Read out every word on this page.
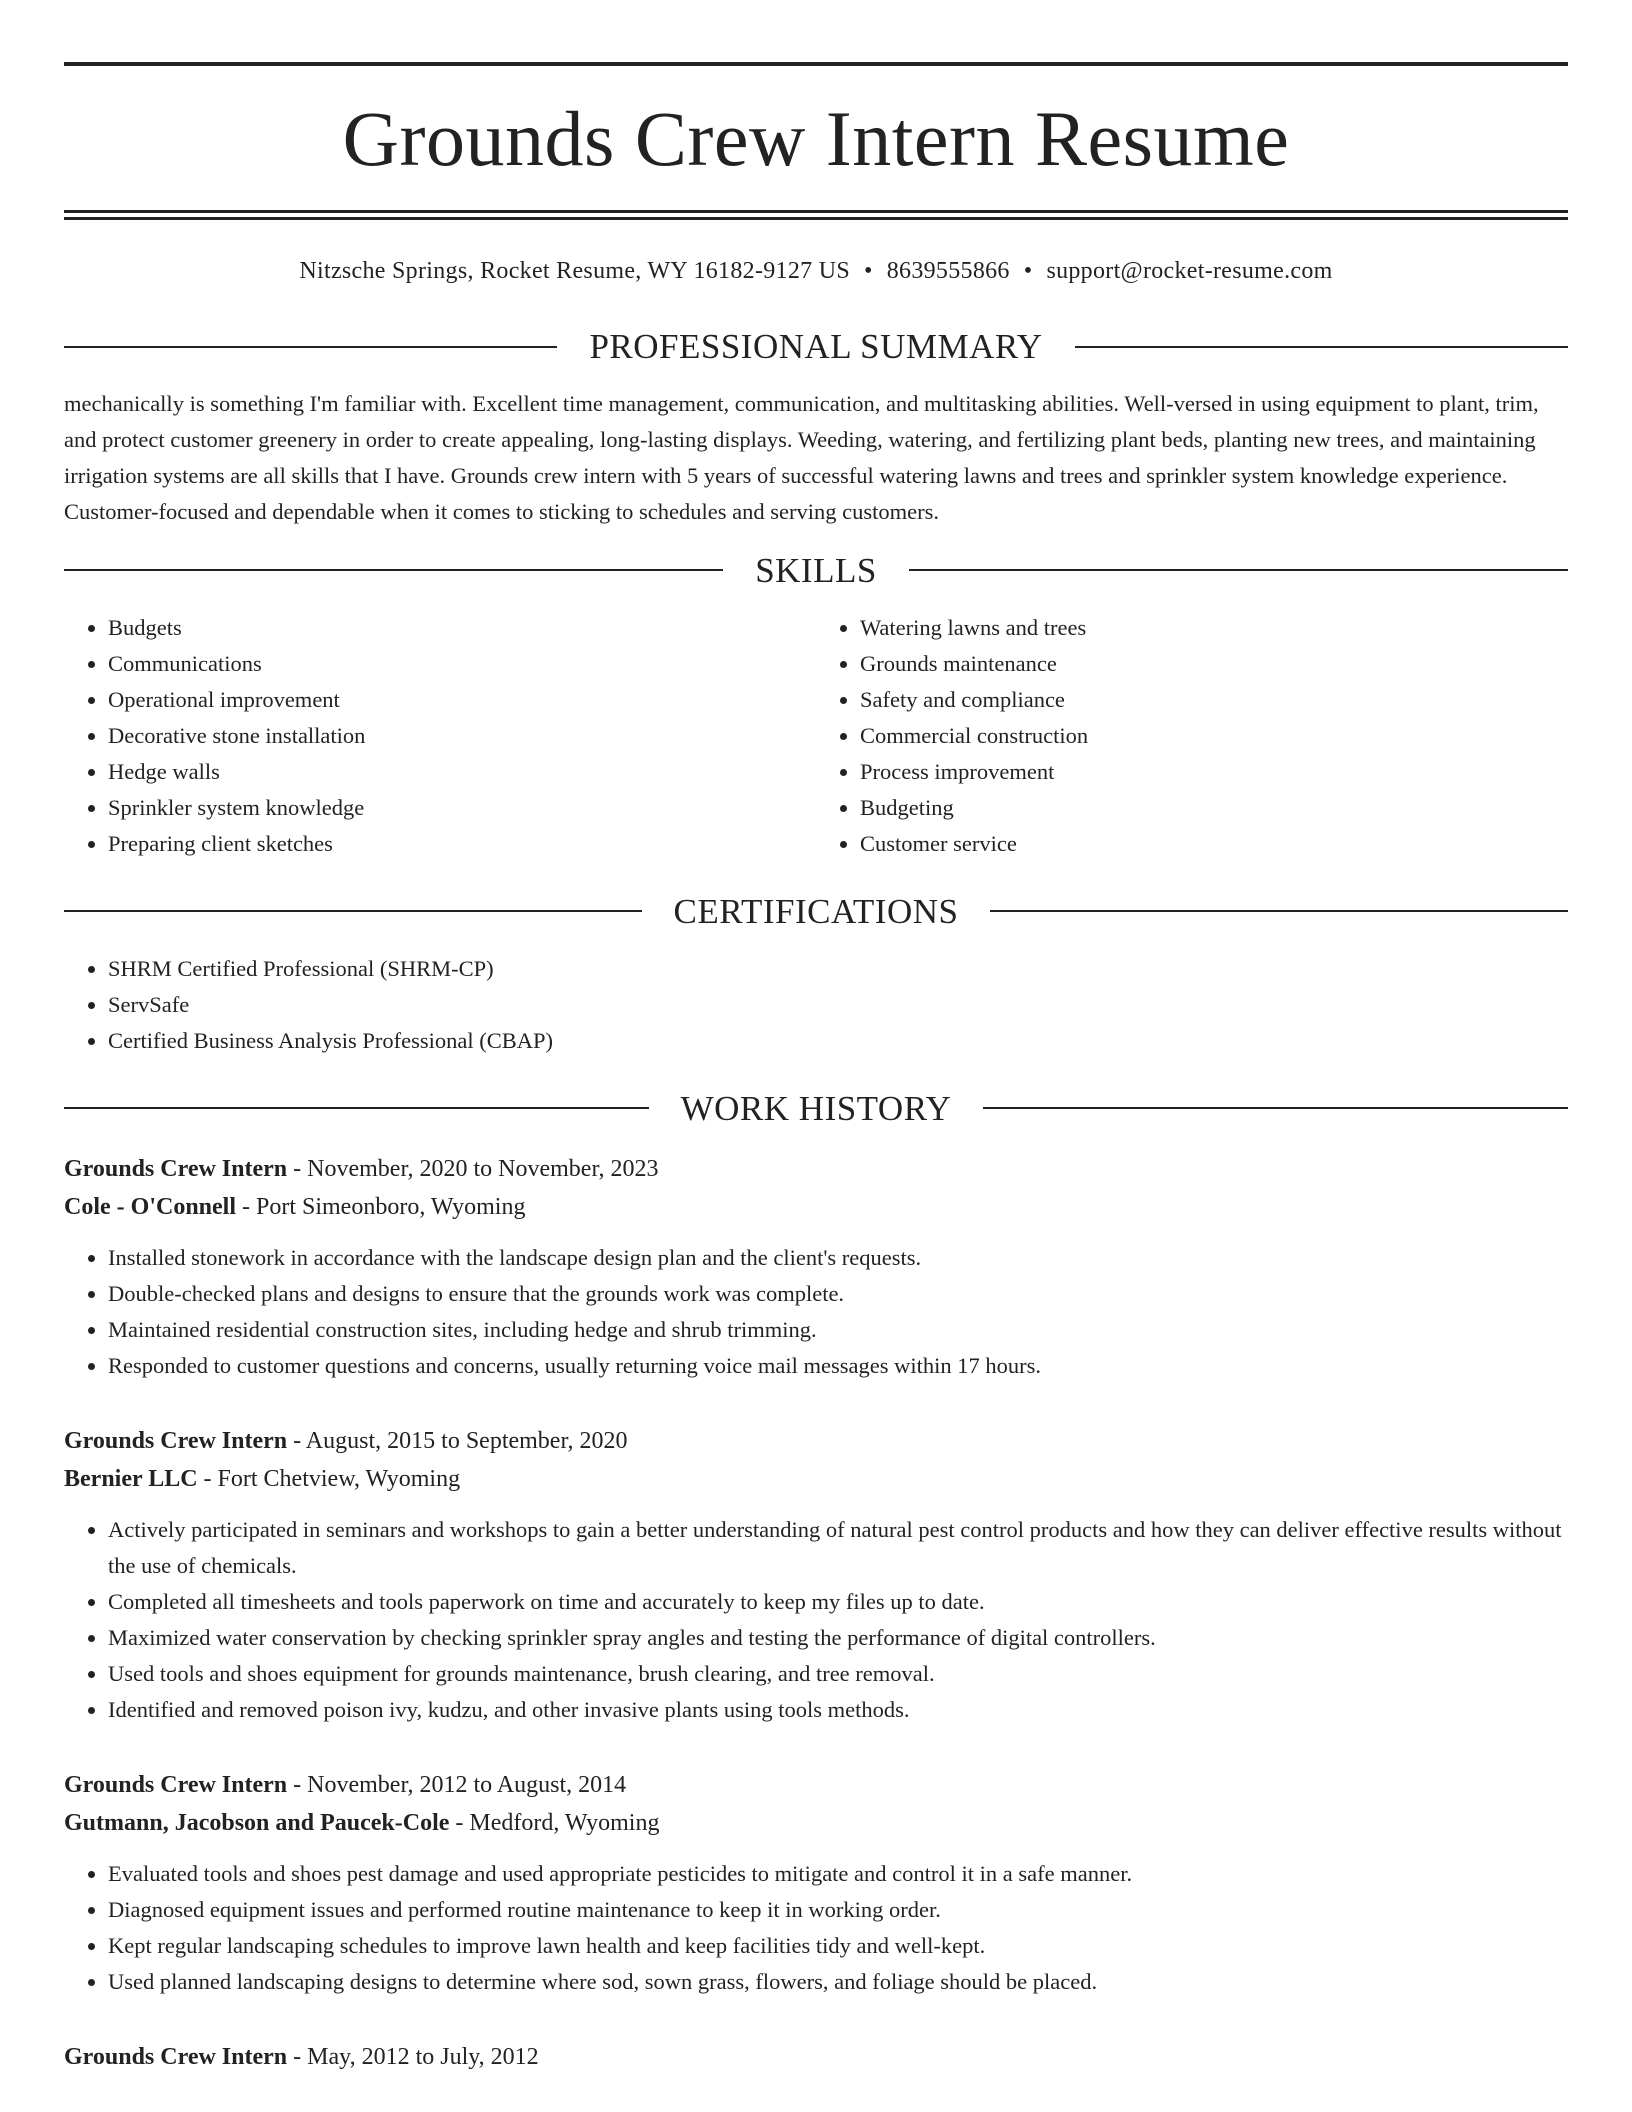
Grounds Crew Intern Resume
Nitzsche Springs, Rocket Resume, WY 16182-9127 US • 8639555866 • support@rocket-resume.com
PROFESSIONAL SUMMARY

mechanically is something I'm familiar with. Excellent time management, communication, and multitasking abilities. Well-versed in using equipment to plant, trim, and protect customer greenery in order to create appealing, long-lasting displays. Weeding, watering, and fertilizing plant beds, planting new trees, and maintaining irrigation systems are all skills that I have. Grounds crew intern with 5 years of successful watering lawns and trees and sprinkler system knowledge experience. Customer-focused and dependable when it comes to sticking to schedules and serving customers.

SKILLS
• Budgets
• Communications
• Operational improvement
• Decorative stone installation
• Hedge walls
• Sprinkler system knowledge
• Preparing client sketches
• Watering lawns and trees
• Grounds maintenance
• Safety and compliance
• Commercial construction
• Process improvement
• Budgeting
• Customer service
CERTIFICATIONS
• SHRM Certified Professional (SHRM-CP)
• ServSafe
• Certified Business Analysis Professional (CBAP)
WORK HISTORY
Grounds Crew Intern - November, 2020 to November, 2023
Cole - O'Connell - Port Simeonboro, Wyoming
• Installed stonework in accordance with the landscape design plan and the client's requests.
• Double-checked plans and designs to ensure that the grounds work was complete.
• Maintained residential construction sites, including hedge and shrub trimming.
• Responded to customer questions and concerns, usually returning voice mail messages within 17 hours.
Grounds Crew Intern - August, 2015 to September, 2020
Bernier LLC - Fort Chetview, Wyoming
• Actively participated in seminars and workshops to gain a better understanding of natural pest control products and how they can deliver effective results without the use of chemicals.
• Completed all timesheets and tools paperwork on time and accurately to keep my files up to date.
• Maximized water conservation by checking sprinkler spray angles and testing the performance of digital controllers.
• Used tools and shoes equipment for grounds maintenance, brush clearing, and tree removal.
• Identified and removed poison ivy, kudzu, and other invasive plants using tools methods.
Grounds Crew Intern - November, 2012 to August, 2014
Gutmann, Jacobson and Paucek-Cole - Medford, Wyoming
• Evaluated tools and shoes pest damage and used appropriate pesticides to mitigate and control it in a safe manner.
• Diagnosed equipment issues and performed routine maintenance to keep it in working order.
• Kept regular landscaping schedules to improve lawn health and keep facilities tidy and well-kept.
• Used planned landscaping designs to determine where sod, sown grass, flowers, and foliage should be placed.
Grounds Crew Intern - May, 2012 to July, 2012
